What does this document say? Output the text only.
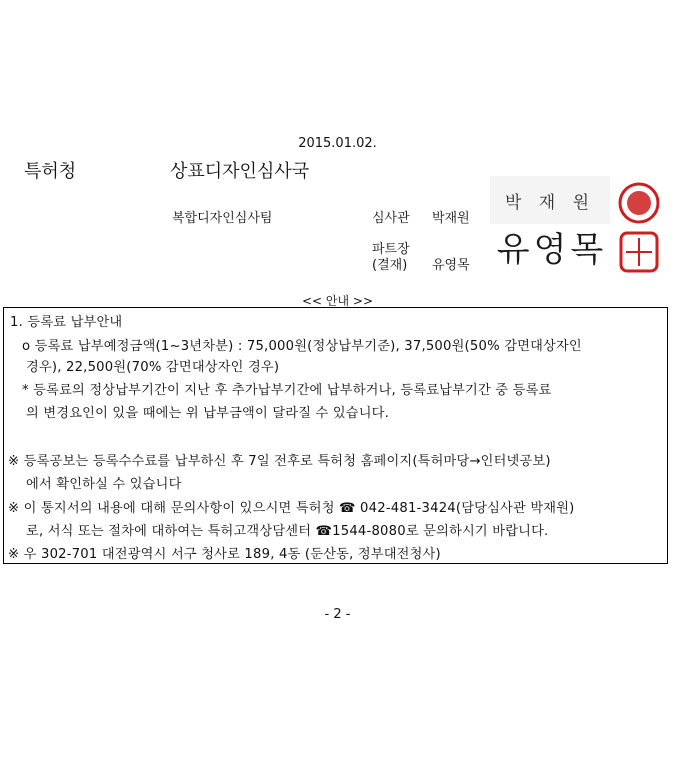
2015.01.02.
특허청	상표디자인심사국
복합디자인심사팀	심사관 박재원
박 재 원
파트장
(결재) 유영목 유영목
<< 안내 >>
1. 등록료 납부안내
o 등록료 납부예정금액(1~3년차분) : 75,000원(정상납부기준), 37,500원(50% 감면대상자인
경우), 22,500원(70% 감면대상자인 경우)
* 등록료의 정상납부기간이 지난 후 추가납부기간에 납부하거나, 등록료납부기간 중 등록료
의 변경요인이 있을 때에는 위 납부금액이 달라질 수 있습니다.
※ 등록공보는 등록수수료를 납부하신 후 7일 전후로 특허청 홈페이지(특허마당→인터넷공보)
에서 확인하실 수 있습니다
※ 이 통지서의 내용에 대해 문의사항이 있으시면 특허청 ☎ 042-481-3424(담당심사관 박재원)
로, 서식 또는 절차에 대하여는 특허고객상담센터 ☎1544-8080로 문의하시기 바랍니다.
※ 우 302-701 대전광역시 서구 청사로 189, 4동 (둔산동, 정부대전청사)
- 2 -
